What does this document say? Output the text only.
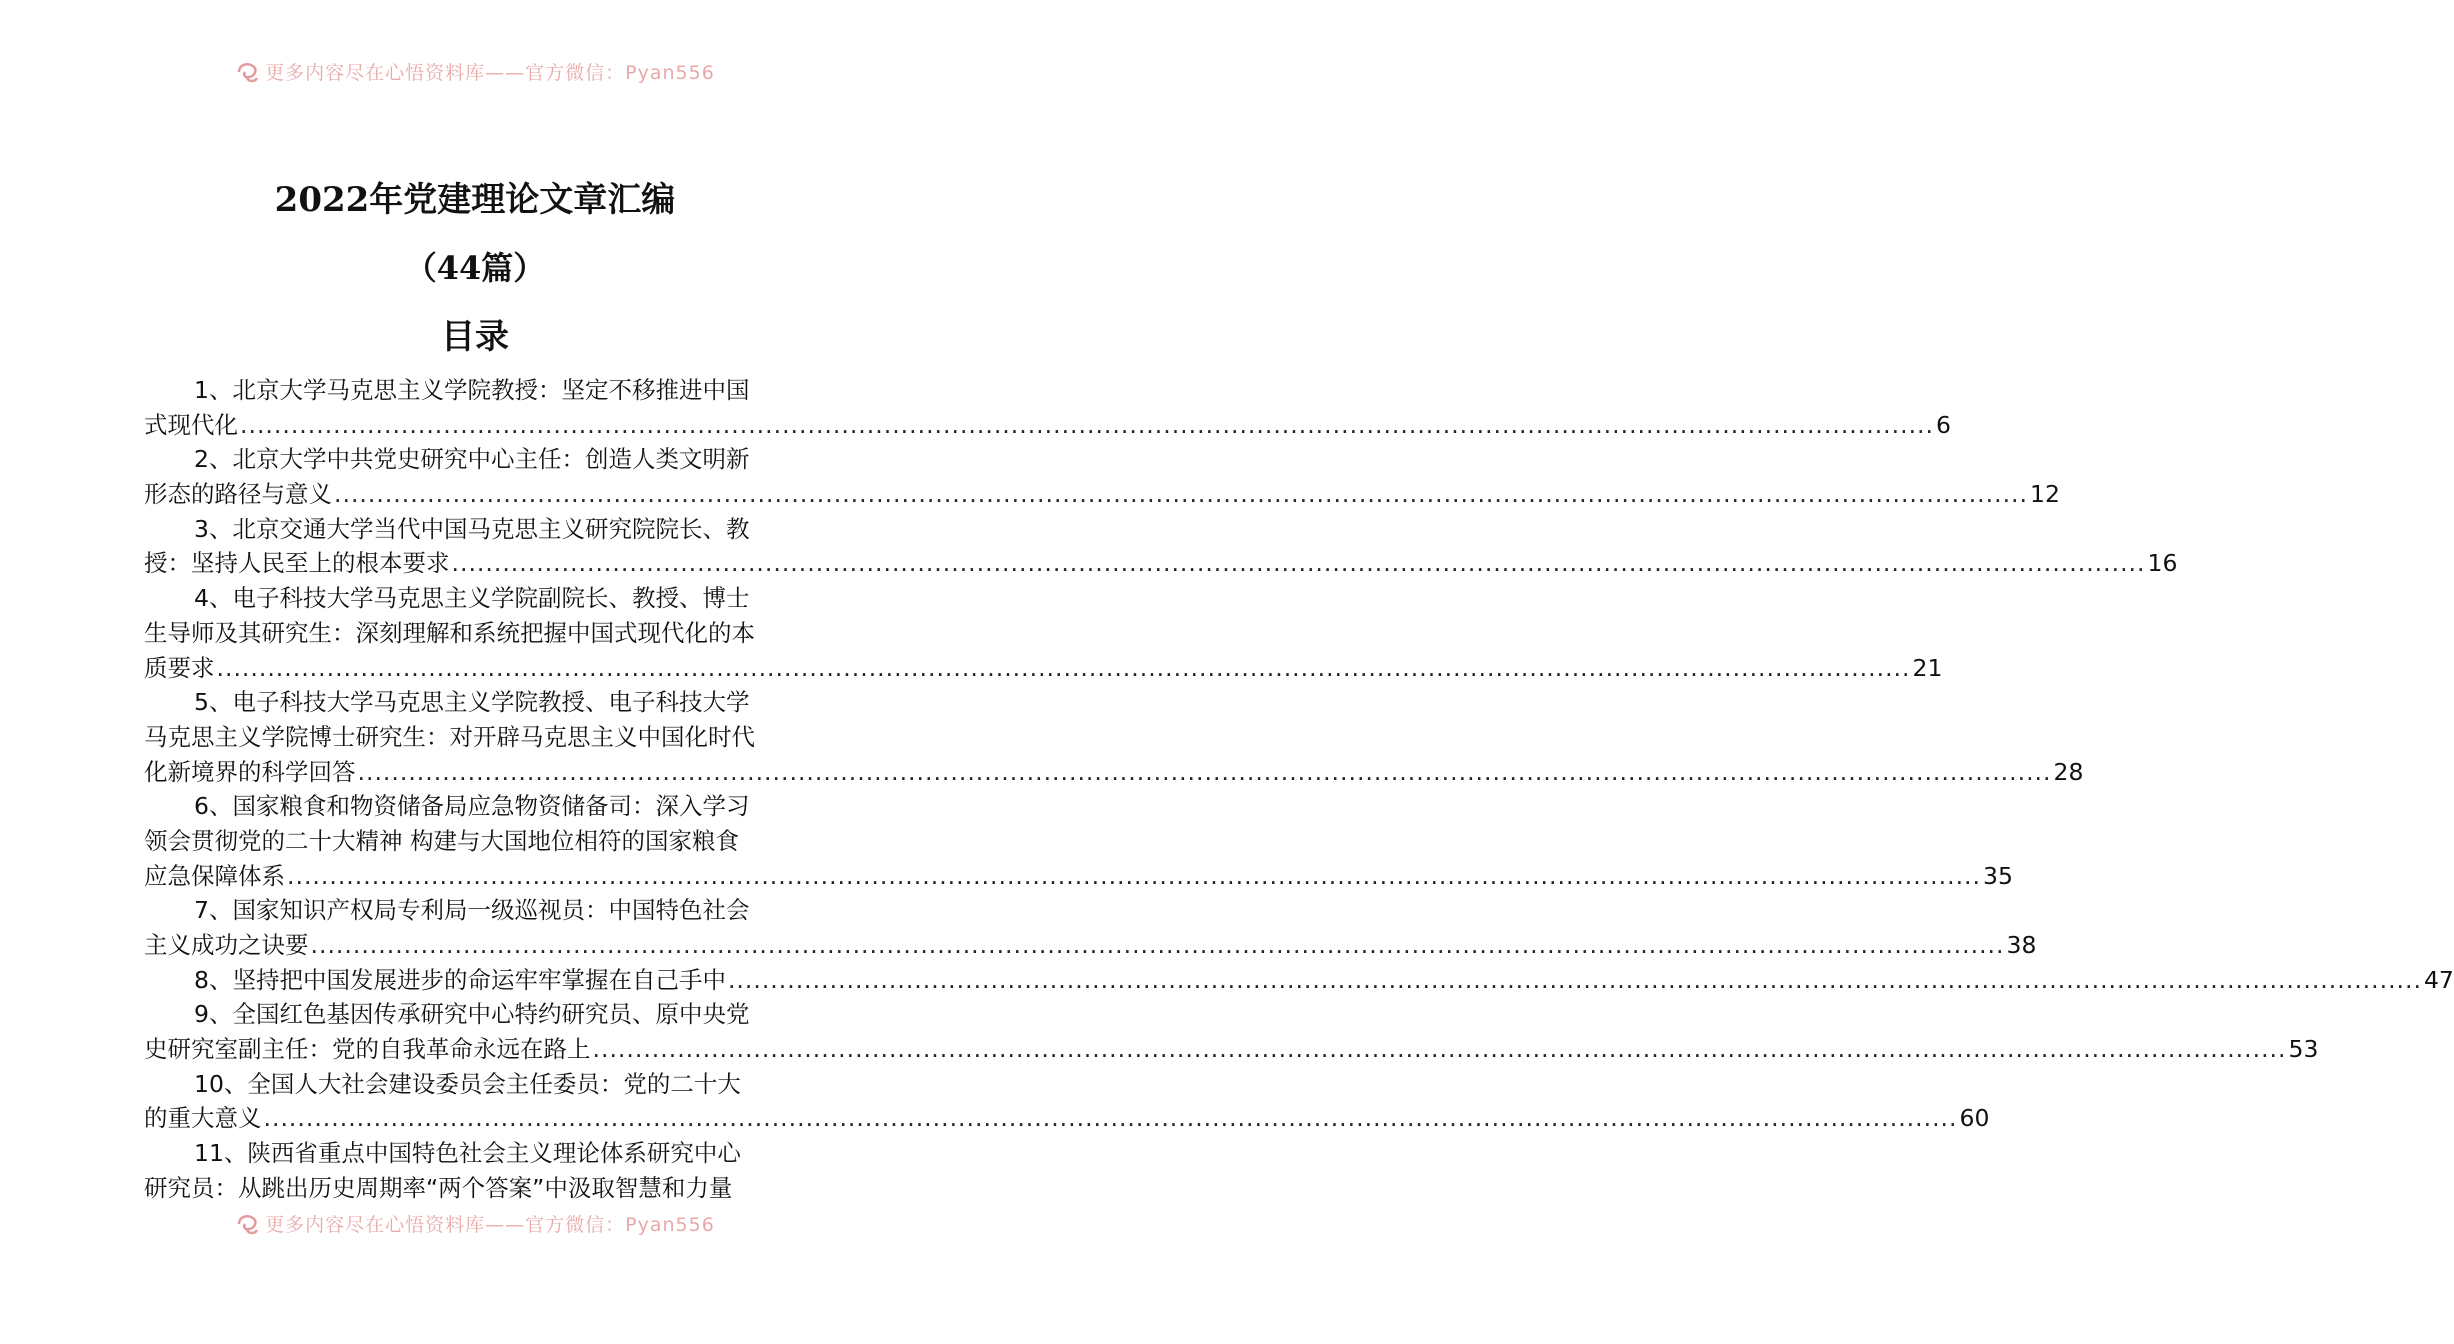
更多内容尽在心悟资料库——官方微信：Pyan556
2022年党建理论文章汇编
（44篇）
目录
1、 北京大学马克思主义学院教授：坚定不移推进中国
式现代化 ........................................................................................................................................................................................................ 6
2、 北京大学中共党史研究中心主任：创造人类文明新
形态的路径与意义 ........................................................................................................................................................................................................ 12
3、 北京交通大学当代中国马克思主义研究院院长、教
授：坚持人民至上的根本要求 ........................................................................................................................................................................................................ 16
4、 电子科技大学马克思主义学院副院长、教授、博士
生导师及其研究生：深刻理解和系统把握中国式现代化的本
质要求 ........................................................................................................................................................................................................ 21
5、 电子科技大学马克思主义学院教授、电子科技大学
马克思主义学院博士研究生：对开辟马克思主义中国化时代
化新境界的科学回答 ........................................................................................................................................................................................................ 28
6、 国家粮食和物资储备局应急物资储备司：深入学习
领会贯彻党的二十大精神 构建与大国地位相符的国家粮食
应急保障体系 ........................................................................................................................................................................................................ 35
7、 国家知识产权局专利局一级巡视员：中国特色社会
主义成功之诀要 ........................................................................................................................................................................................................ 38
8、 坚持把中国发展进步的命运牢牢掌握在自己手中 ........................................................................................................................................................................................................ 47
9、 全国红色基因传承研究中心特约研究员、原中央党
史研究室副主任：党的自我革命永远在路上 ........................................................................................................................................................................................................ 53
10、 全国人大社会建设委员会主任委员：党的二十大
的重大意义 ........................................................................................................................................................................................................ 60
11、 陕西省重点中国特色社会主义理论体系研究中心
研究员：从跳出历史周期率“两个答案”中汲取智慧和力量
更多内容尽在心悟资料库——官方微信：Pyan556
